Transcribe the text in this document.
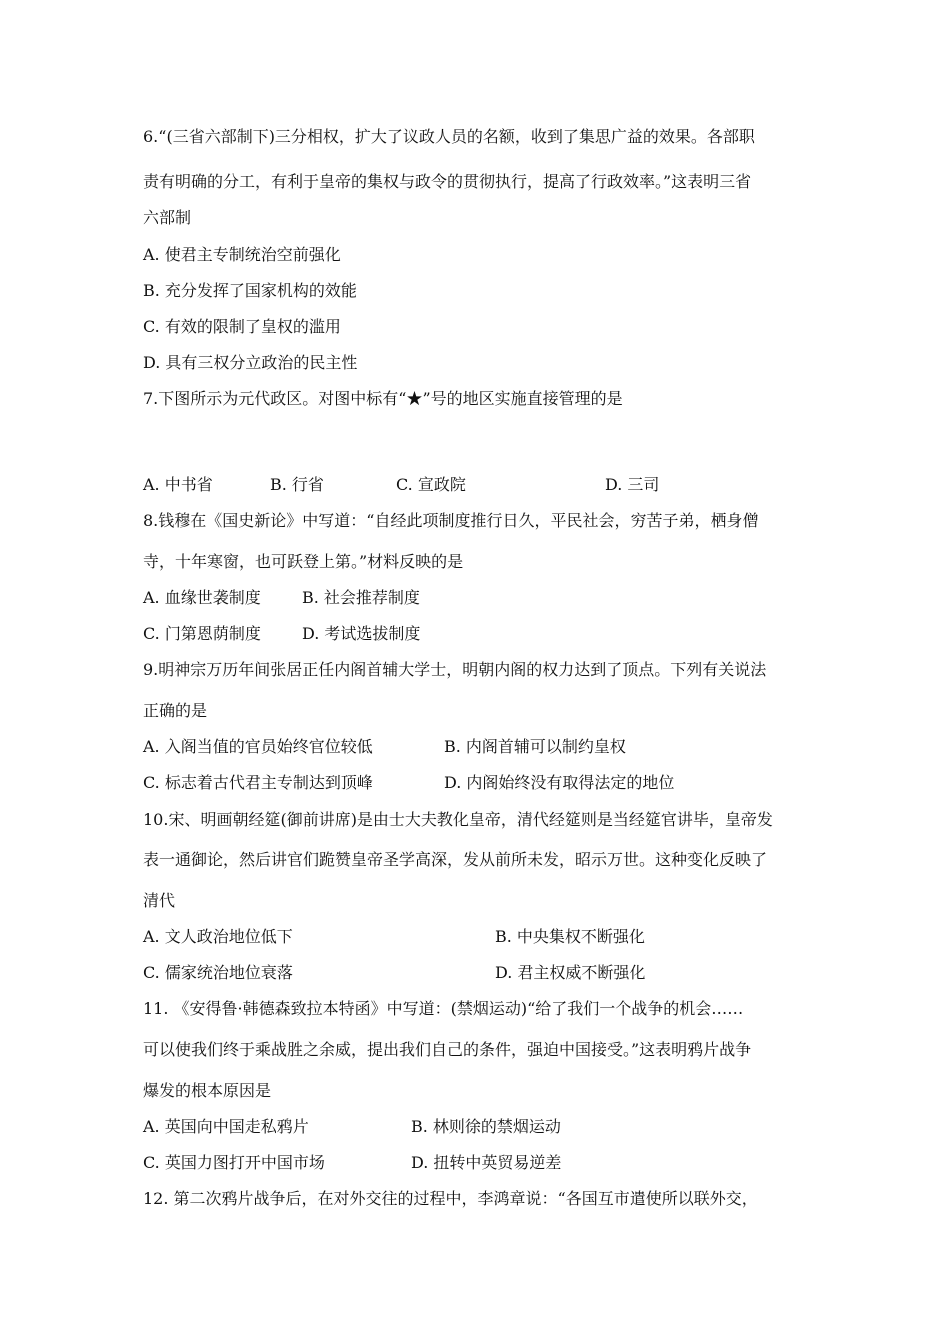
6.“(三省六部制下)三分相权，扩大了议政人员的名额，收到了集思广益的效果。各部职
责有明确的分工，有利于皇帝的集权与政令的贯彻执行，提高了行政效率。”这表明三省
六部制
A. 使君主专制统治空前强化
B. 充分发挥了国家机构的效能
C. 有效的限制了皇权的滥用
D. 具有三权分立政治的民主性
7.下图所示为元代政区。对图中标有“★”号的地区实施直接管理的是
A. 中书省	B. 行省	C. 宣政院	D. 三司
8.钱穆在《国史新论》中写道：“自经此项制度推行日久，平民社会，穷苦子弟，栖身僧
寺，十年寒窗，也可跃登上第。”材料反映的是
A. 血缘世袭制度	B. 社会推荐制度
C. 门第恩荫制度	D. 考试选拔制度
9.明神宗万历年间张居正任内阁首辅大学士，明朝内阁的权力达到了顶点。下列有关说法
正确的是
A. 入阁当值的官员始终官位较低	B. 内阁首辅可以制约皇权
C. 标志着古代君主专制达到顶峰	D. 内阁始终没有取得法定的地位
10.宋、明画朝经筵(御前讲席)是由士大夫教化皇帝，清代经筵则是当经筵官讲毕，皇帝发
表一通御论，然后讲官们跪赞皇帝圣学高深，发从前所未发，昭示万世。这种变化反映了
清代
A. 文人政治地位低下	B. 中央集权不断强化
C. 儒家统治地位衰落	D. 君主权威不断强化
11. 《安得鲁·韩德森致拉本特函》中写道：(禁烟运动)“给了我们一个战争的机会……
可以使我们终于乘战胜之余威，提出我们自己的条件，强迫中国接受。”这表明鸦片战争
爆发的根本原因是
A. 英国向中国走私鸦片	B. 林则徐的禁烟运动
C. 英国力图打开中国市场	D. 扭转中英贸易逆差
12. 第二次鸦片战争后，在对外交往的过程中，李鸿章说：“各国互市遣使所以联外交，
